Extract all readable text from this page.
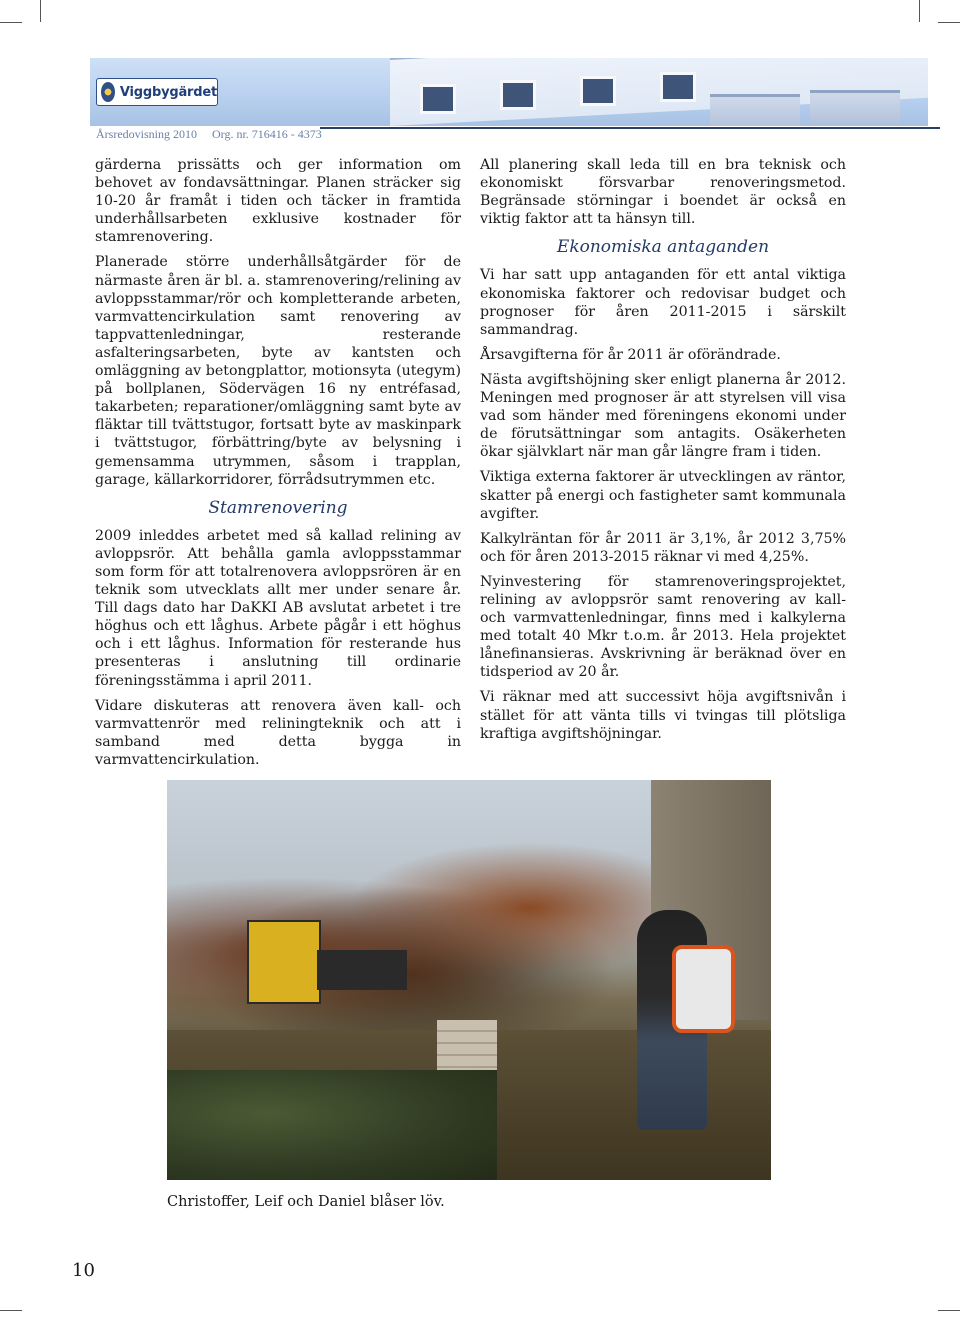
Viggbygärdet
Årsredovisning 2010 Org. nr. 716416 - 4373

gärderna prissätts och ger information om behovet av fondavsättningar. Planen sträcker sig 10-20 år framåt i tiden och täcker in framtida underhållsarbeten exklusive kostnader för stamrenovering.

Planerade större underhållsåtgärder för de närmaste åren är bl. a. stamrenovering/relining av avloppsstammar/rör och kompletterande arbeten, varmvattencirkulation samt renovering av tappvattenledningar, resterande asfalteringsarbeten, byte av kantsten och omläggning av betongplattor, motionsyta (utegym) på bollplanen, Södervägen 16 ny entréfasad, takarbeten; reparationer/omläggning samt byte av fläktar till tvättstugor, fortsatt byte av maskinpark i tvättstugor, förbättring/byte av belysning i gemensamma utrymmen, såsom i trapplan, garage, källarkorridorer, förrådsutrymmen etc.

Stamrenovering

2009 inleddes arbetet med så kallad relining av avloppsrör. Att behålla gamla avloppsstammar som form för att totalrenovera avloppsrören är en teknik som utvecklats allt mer under senare år. Till dags dato har DaKKI AB avslutat arbetet i tre höghus och ett låghus. Arbete pågår i ett höghus och i ett låghus. Information för resterande hus presenteras i anslutning till ordinarie föreningsstämma i april 2011.

Vidare diskuteras att renovera även kall- och varmvattenrör med reliningteknik och att i samband med detta bygga in varmvattencirkulation.

All planering skall leda till en bra teknisk och ekonomiskt försvarbar renoveringsmetod. Begränsade störningar i boendet är också en viktig faktor att ta hänsyn till.

Ekonomiska antaganden

Vi har satt upp antaganden för ett antal viktiga ekonomiska faktorer och redovisar budget och prognoser för åren 2011-2015 i särskilt sammandrag.

Årsavgifterna för år 2011 är oförändrade.

Nästa avgiftshöjning sker enligt planerna år 2012. Meningen med prognoser är att styrelsen vill visa vad som händer med föreningens ekonomi under de förutsättningar som antagits. Osäkerheten ökar självklart när man går längre fram i tiden.

Viktiga externa faktorer är utvecklingen av räntor, skatter på energi och fastigheter samt kommunala avgifter.

Kalkylräntan för år 2011 är 3,1%, år 2012 3,75% och för åren 2013-2015 räknar vi med 4,25%.

Nyinvestering för stamrenoveringsprojektet, relining av avloppsrör samt renovering av kall- och varmvattenledningar, finns med i kalkylerna med totalt 40 Mkr t.o.m. år 2013. Hela projektet lånefinansieras. Avskrivning är beräknad över en tidsperiod av 20 år.

Vi räknar med att successivt höja avgiftsnivån i stället för att vänta tills vi tvingas till plötsliga kraftiga avgiftshöjningar.

Christoffer, Leif och Daniel blåser löv.
10
